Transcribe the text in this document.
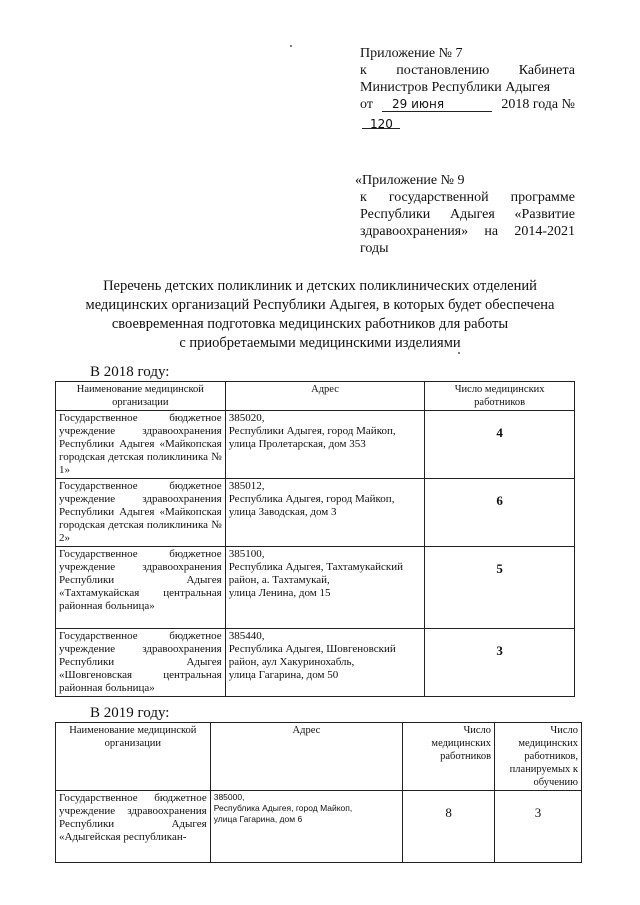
Приложение № 7
к постановлению Кабинета
Министров Республики Адыгея
от	2018 года №
29 июня
120
«Приложение № 9
к государственной программе
Республики Адыгея «Развитие
здравоохранения» на 2014-2021
годы
Перечень детских поликлиник и детских поликлинических отделений
медицинских организаций Республики Адыгея, в которых будет обеспечена
своевременная подготовка медицинских работников для работы
с приобретаемыми медицинскими изделиями
В 2018 году:
Наименование медицинской организации	Адрес	Число медицинских работников
Государственное бюджетное учреждение здравоохранения Республики Адыгея «Майкопская городская детская поликлиника № 1»	385020,
Республики Адыгея, город Майкоп,
улица Пролетарская, дом 353	4
Государственное бюджетное учреждение здравоохранения Республики Адыгея «Майкопская городская детская поликлиника № 2»	385012,
Республика Адыгея, город Майкоп,
улица Заводская, дом 3	6
Государственное бюджетное учреждение здравоохранения Республики Адыгея «Тахтамукайская центральная районная больница»	385100,
Республика Адыгея, Тахтамукайский район, а. Тахтамукай,
улица Ленина, дом 15	5
Государственное бюджетное учреждение здравоохранения Республики Адыгея «Шовгеновская центральная районная больница»	385440,
Республика Адыгея, Шовгеновский район, аул Хакуринохабль,
улица Гагарина, дом 50	3
В 2019 году:
Наименование медицинской организации	Адрес	Число медицинских работников	Число медицинских работников, планируемых к обучению
Государственное бюджетное учреждение здравоохранения Республики Адыгея «Адыгейская республикан-	385000,
Республика Адыгея, город Майкоп,
улица Гагарина, дом 6	8	3
